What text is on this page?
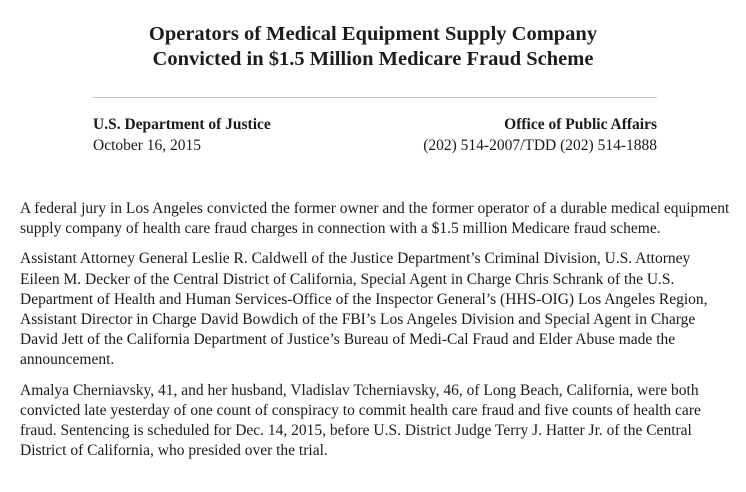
Operators of Medical Equipment Supply Company
Convicted in $1.5 Million Medicare Fraud Scheme
U.S. Department of Justice
October 16, 2015
Office of Public Affairs
(202) 514-2007/TDD (202) 514-1888

A federal jury in Los Angeles convicted the former owner and the former operator of a durable medical equipment supply company of health care fraud charges in connection with a $1.5 million Medicare fraud scheme.

Assistant Attorney General Leslie R. Caldwell of the Justice Department’s Criminal Division, U.S. Attorney Eileen M. Decker of the Central District of California, Special Agent in Charge Chris Schrank of the U.S. Department of Health and Human Services-Office of the Inspector General’s (HHS-OIG) Los Angeles Region, Assistant Director in Charge David Bowdich of the FBI’s Los Angeles Division and Special Agent in Charge David Jett of the California Department of Justice’s Bureau of Medi-Cal Fraud and Elder Abuse made the announcement.

Amalya Cherniavsky, 41, and her husband, Vladislav Tcherniavsky, 46, of Long Beach, California, were both convicted late yesterday of one count of conspiracy to commit health care fraud and five counts of health care fraud. Sentencing is scheduled for Dec. 14, 2015, before U.S. District Judge Terry J. Hatter Jr. of the Central District of California, who presided over the trial.
